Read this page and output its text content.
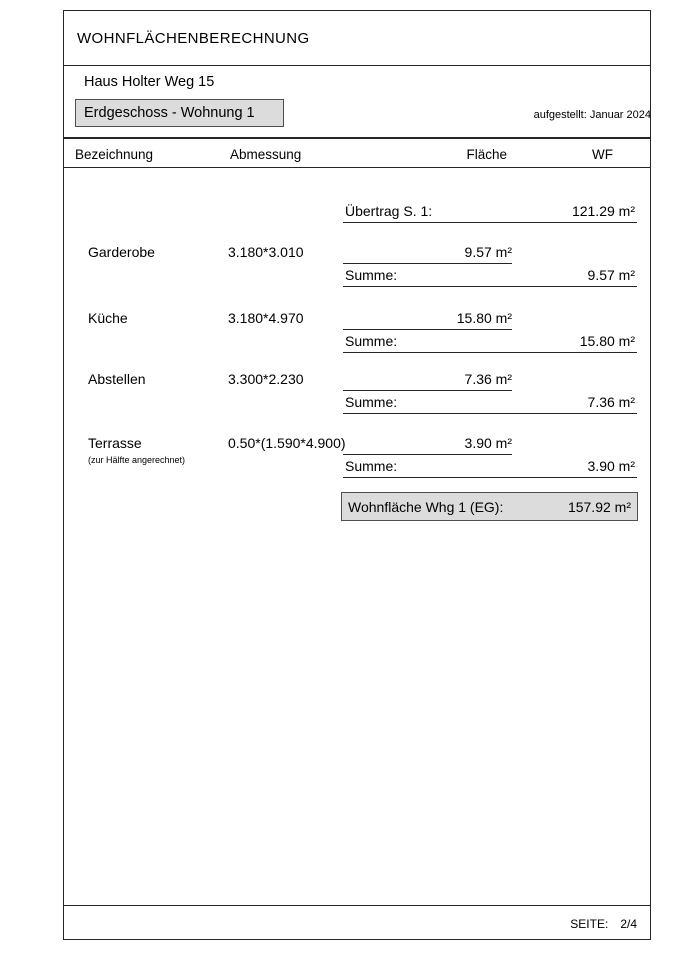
WOHNFLÄCHENBERECHNUNG
Haus Holter Weg 15
Erdgeschoss - Wohnung 1	aufgestellt: Januar 2024
Bezeichnung	Abmessung	Fläche	WF
Übertrag S. 1:	121.29 m²
Garderobe	3.180*3.010	9.57 m²
Summe:	9.57 m²
Küche	3.180*4.970	15.80 m²
Summe:	15.80 m²
Abstellen	3.300*2.230	7.36 m²
Summe:	7.36 m²
Terrasse
(zur Hälfte angerechnet)
0.50*(1.590*4.900)	3.90 m²
Summe:	3.90 m²
Wohnfläche Whg 1 (EG):	157.92 m²
SEITE: 2/4
